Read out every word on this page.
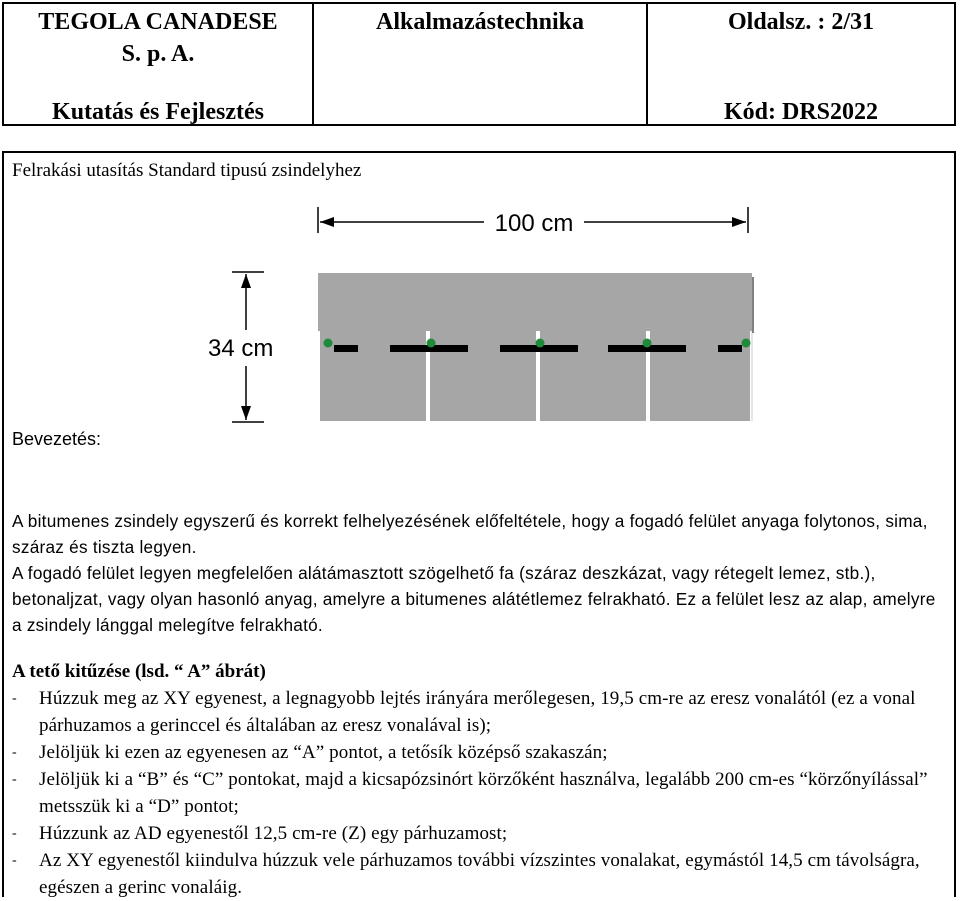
TEGOLA CANADESE
S. p. A.
Kutatás és Fejlesztés
Alkalmazástechnika	Oldalsz. : 2/31
Kód: DRS2022
Felrakási utasítás Standard tipusú zsindelyhez
100 cm
34 cm
Bevezetés:

A bitumenes zsindely egyszerű és korrekt felhelyezésének előfeltétele, hogy a fogadó felület anyaga folytonos, sima, száraz és tiszta legyen.

A fogadó felület legyen megfelelően alátámasztott szögelhető fa (száraz deszkázat, vagy rétegelt lemez, stb.), betonaljzat, vagy olyan hasonló anyag, amelyre a bitumenes alátétlemez felrakható. Ez a felület lesz az alap, amelyre a zsindely lánggal melegítve felrakható.

A tető kitűzése (lsd. “ A” ábrát)
- Húzzuk meg az XY egyenest, a legnagyobb lejtés irányára merőlegesen, 19,5 cm-re az eresz vonalától (ez a vonal párhuzamos a gerinccel és általában az eresz vonalával is);
- Jelöljük ki ezen az egyenesen az “A” pontot, a tetősík középső szakaszán;
- Jelöljük ki a “B” és “C” pontokat, majd a kicsapózsinórt körzőként használva, legalább 200 cm-es “körzőnyílással” metsszük ki a “D” pontot;
- Húzzunk az AD egyenestől 12,5 cm-re (Z) egy párhuzamost;
- Az XY egyenestől kiindulva húzzuk vele párhuzamos további vízszintes vonalakat, egymástól 14,5 cm távolságra, egészen a gerinc vonaláig.
